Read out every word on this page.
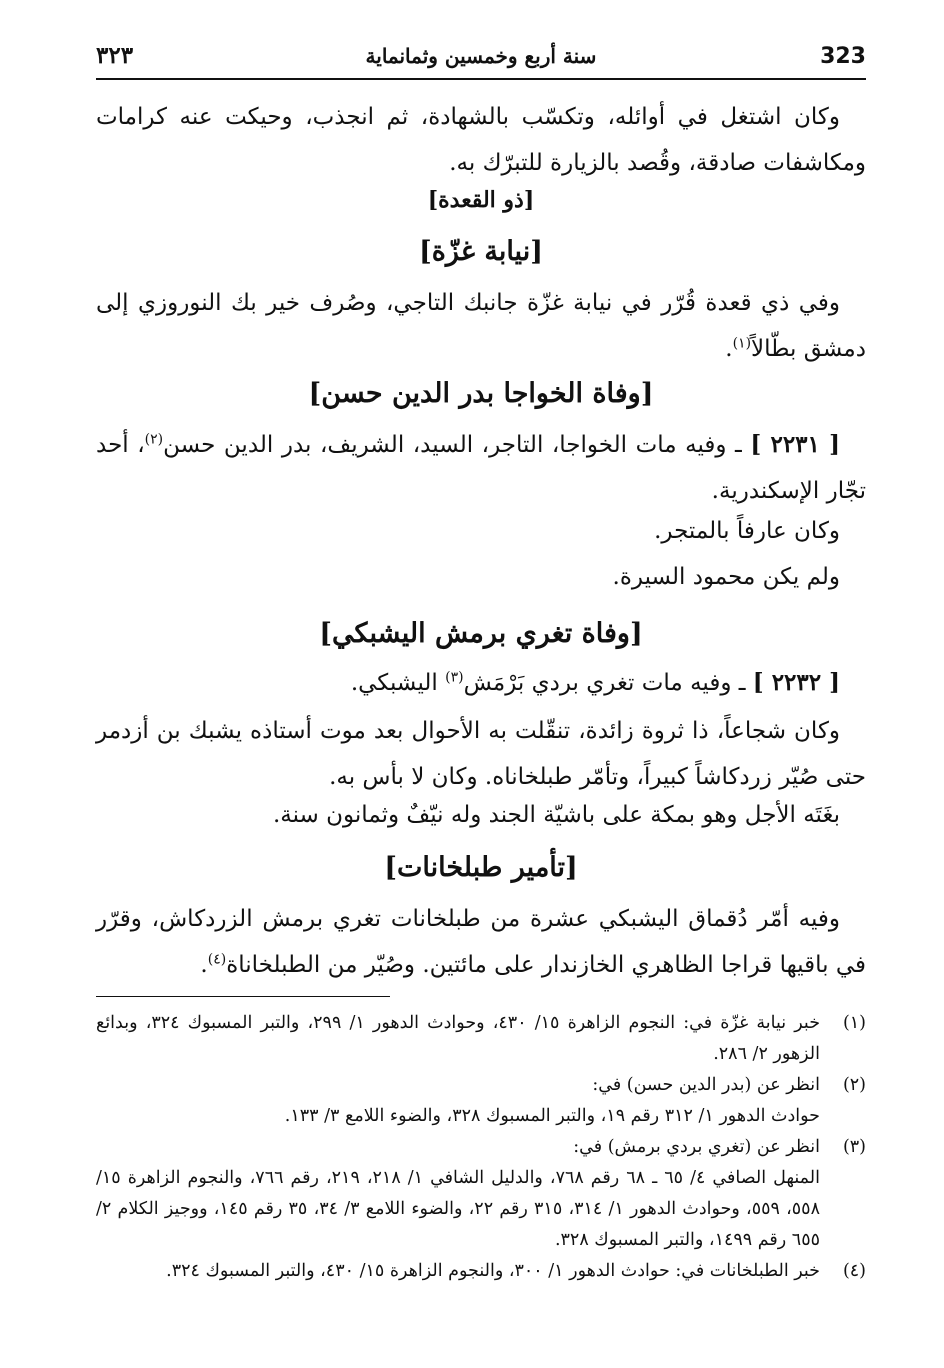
323
سنة أربع وخمسين وثمانماية
٣٢٣

وكان اشتغل في أوائله، وتكسّب بالشهادة، ثم انجذب، وحيكت عنه كرامات ومكاشفات صادقة، وقُصد بالزيارة للتبرّك به.

[ذو القعدة]
[نيابة غزّة]

وفي ذي قعدة قُرّر في نيابة غزّة جانبك التاجي، وصُرف خير بك النوروزي إلى دمشق بطّالاً$^{(١)}$.

[وفاة الخواجا بدر الدين حسن]

[ ٢٢٣١ ] ـ وفيه مات الخواجا، التاجر، السيد، الشريف، بدر الدين حسن$^{(٢)}$، أحد تجّار الإسكندرية.

وكان عارفاً بالمتجر.

ولم يكن محمود السيرة.

[وفاة تغري برمش اليشبكي]

[ ٢٢٣٢ ] ـ وفيه مات تغري بردي بَرْمَش$^{(٣)}$ اليشبكي.

وكان شجاعاً، ذا ثروة زائدة، تنقّلت به الأحوال بعد موت أستاذه يشبك بن أزدمر حتى صُيّر زردكاشاً كبيراً، وتأمّر طبلخاناه. وكان لا بأس به.

بغَتَه الأجل وهو بمكة على باشيّة الجند وله نيّفٌ وثمانون سنة.

[تأمير طبلخانات]

وفيه أمّر دُقماق اليشبكي عشرة من طبلخانات تغري برمش الزردكاش، وقرّر في باقيها قراجا الظاهري الخازندار على مائتين. وصُيّر من الطبلخاناة$^{(٤)}$.

(١)
خبر نيابة غزّة في: النجوم الزاهرة ١٥/ ٤٣٠، وحوادث الدهور ١/ ٢٩٩، والتبر المسبوك ٣٢٤، وبدائع الزهور ٢/ ٢٨٦.
(٢)
انظر عن (بدر الدين حسن) في:
حوادث الدهور ١/ ٣١٢ رقم ١٩، والتبر المسبوك ٣٢٨، والضوء اللامع ٣/ ١٣٣.
(٣)
انظر عن (تغري بردي برمش) في:
المنهل الصافي ٤/ ٦٥ ـ ٦٨ رقم ٧٦٨، والدليل الشافي ١/ ٢١٨، ٢١٩، رقم ٧٦٦، والنجوم الزاهرة ١٥/ ٥٥٨، ٥٥٩، وحوادث الدهور ١/ ٣١٤، ٣١٥ رقم ٢٢، والضوء اللامع ٣/ ٣٤، ٣٥ رقم ١٤٥، ووجيز الكلام ٢/ ٦٥٥ رقم ١٤٩٩، والتبر المسبوك ٣٢٨.
(٤)
خبر الطبلخانات في: حوادث الدهور ١/ ٣٠٠، والنجوم الزاهرة ١٥/ ٤٣٠، والتبر المسبوك ٣٢٤.
